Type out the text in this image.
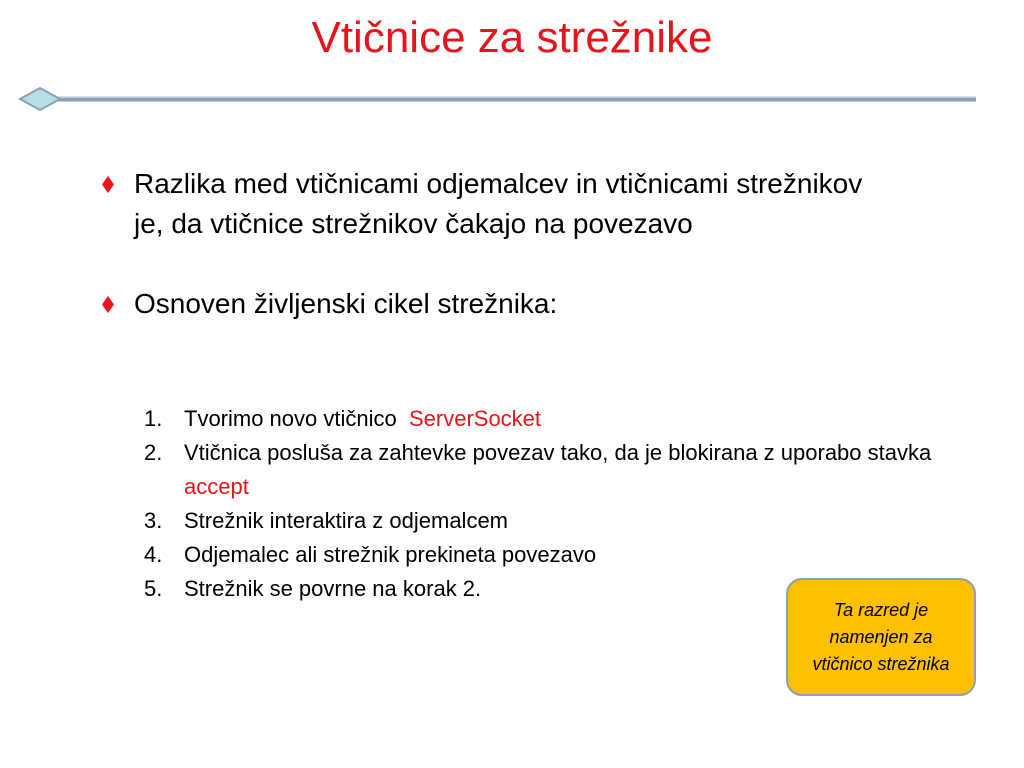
Vtičnice za strežnike
Razlika med vtičnicami odjemalcev in vtičnicami strežnikov je, da vtičnice strežnikov čakajo na povezavo
Osnoven življenski cikel strežnika:
1. Tvorimo novo vtičnico  ServerSocket
2. Vtičnica posluša za zahtevke povezav tako, da je blokirana z uporabo stavka accept
3. Strežnik interaktira z odjemalcem
4. Odjemalec ali strežnik prekineta povezavo
5. Strežnik se povrne na korak 2.
Ta razred je namenjen za vtičnico strežnika
